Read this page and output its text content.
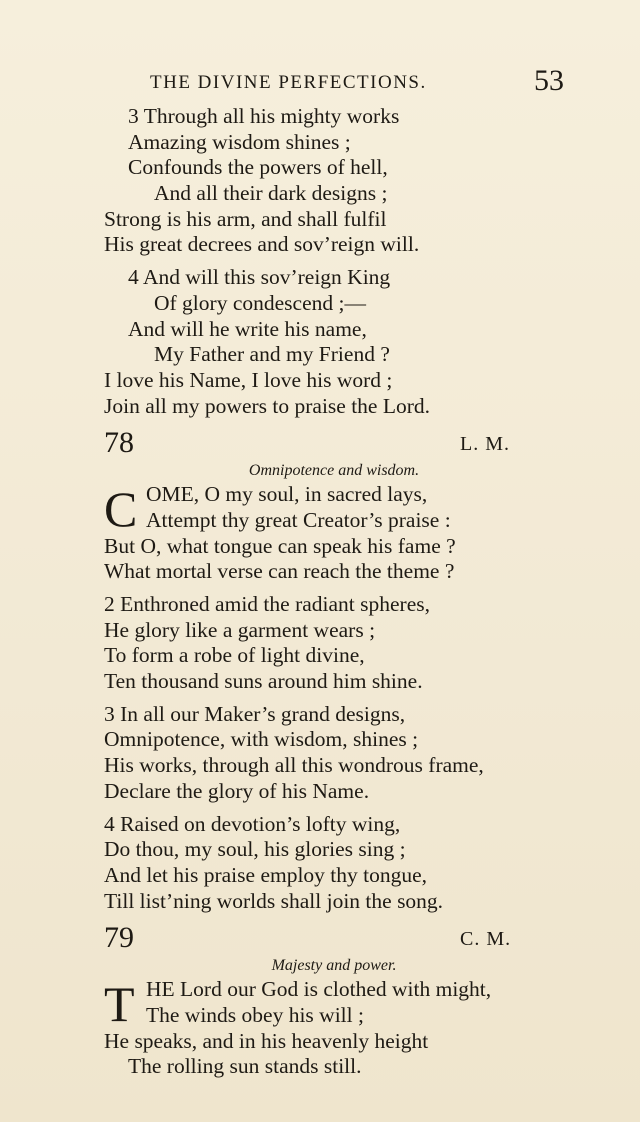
THE DIVINE PERFECTIONS.	53
3 Through all his mighty works
Amazing wisdom shines ;
Confounds the powers of hell,
And all their dark designs ;
Strong is his arm, and shall fulfil
His great decrees and sov’reign will.
4 And will this sov’reign King
Of glory condescend ;—
And will he write his name,
My Father and my Friend ?
I love his Name, I love his word ;
Join all my powers to praise the Lord.
78	L. M.
Omnipotence and wisdom.
C OME, O my soul, in sacred lays,
Attempt thy great Creator’s praise :
But O, what tongue can speak his fame ?
What mortal verse can reach the theme ?
2 Enthroned amid the radiant spheres,
He glory like a garment wears ;
To form a robe of light divine,
Ten thousand suns around him shine.
3 In all our Maker’s grand designs,
Omnipotence, with wisdom, shines ;
His works, through all this wondrous frame,
Declare the glory of his Name.
4 Raised on devotion’s lofty wing,
Do thou, my soul, his glories sing ;
And let his praise employ thy tongue,
Till list’ning worlds shall join the song.
79	C. M.
Majesty and power.
T HE Lord our God is clothed with might,
The winds obey his will ;
He speaks, and in his heavenly height
The rolling sun stands still.
